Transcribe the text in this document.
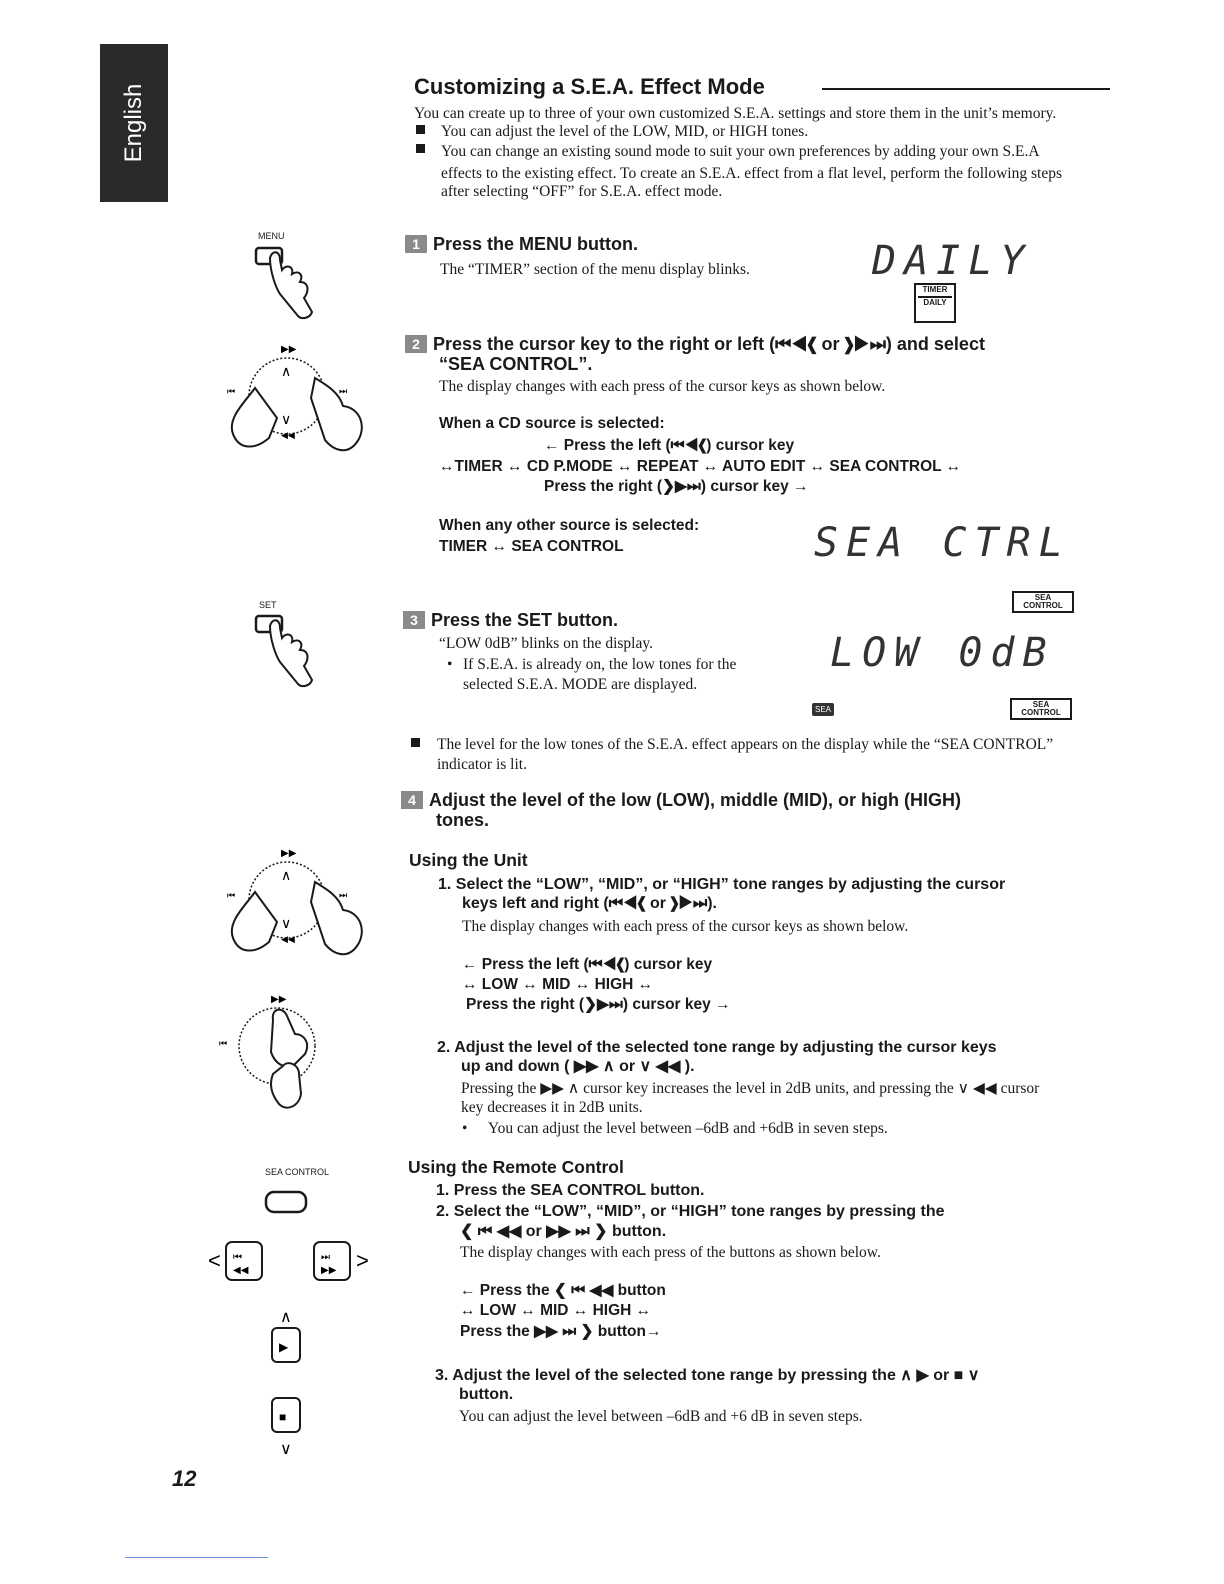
English	Customizing a S.E.A. Effect Mode
You can create up to three of your own customized S.E.A. settings and store them in the unit’s memory.
You can adjust the level of the LOW, MID, or HIGH tones.
You can change an existing sound mode to suit your own preferences by adding your own S.E.A
effects to the existing effect. To create an S.E.A. effect from a flat level, perform the following steps
after selecting “OFF” for S.E.A. effect mode.
MENU
▶▶
∧
∨
◀◀
⏮	⏭
SET
▶▶
∧
∨
◀◀
⏮	⏭
▶▶
⏮
SEA CONTROL
< ⏮
◀◀
⏭
▶▶ >
∧
▶
■
∨
1 Press the MENU button.
The “TIMER” section of the menu display blinks.	DAILY
TIMER
DAILY
2 Press the cursor key to the right or left (⏮◀❮ or ❯▶⏭) and select
“SEA CONTROL”.
The display changes with each press of the cursor keys as shown below.
When a CD source is selected:
← Press the left (⏮◀❮) cursor key
↔TIMER ↔ CD P.MODE ↔ REPEAT ↔ AUTO EDIT ↔ SEA CONTROL ↔
Press the right (❯▶⏭) cursor key →
When any other source is selected:
TIMER ↔ SEA CONTROL	SEA CTRL
SEA CONTROL
3 Press the SET button.
“LOW 0dB” blinks on the display.
• If S.E.A. is already on, the low tones for the
selected S.E.A. MODE are displayed.
LOW 0dB
SEA
SEA CONTROL
The level for the low tones of the S.E.A. effect appears on the display while the “SEA CONTROL”
indicator is lit.
4 Adjust the level of the low (LOW), middle (MID), or high (HIGH)
tones.
Using the Unit
1. Select the “LOW”, “MID”, or “HIGH” tone ranges by adjusting the cursor
keys left and right (⏮◀❮ or ❯▶⏭).
The display changes with each press of the cursor keys as shown below.
← Press the left (⏮◀❮) cursor key
↔ LOW ↔ MID ↔ HIGH ↔
Press the right (❯▶⏭) cursor key →
2. Adjust the level of the selected tone range by adjusting the cursor keys
up and down ( ▶▶ ∧ or ∨ ◀◀ ).
Pressing the ▶▶ ∧ cursor key increases the level in 2dB units, and pressing the ∨ ◀◀ cursor
key decreases it in 2dB units.
• You can adjust the level between –6dB and +6dB in seven steps.
Using the Remote Control
1. Press the SEA CONTROL button.
2. Select the “LOW”, “MID”, or “HIGH” tone ranges by pressing the
❮ ⏮ ◀◀ or ▶▶ ⏭ ❯ button.
The display changes with each press of the buttons as shown below.
← Press the ❮ ⏮ ◀◀ button
↔ LOW ↔ MID ↔ HIGH ↔
Press the ▶▶ ⏭ ❯ button→
3. Adjust the level of the selected tone range by pressing the ∧ ▶ or ■ ∨
button.
You can adjust the level between –6dB and +6 dB in seven steps.
12
